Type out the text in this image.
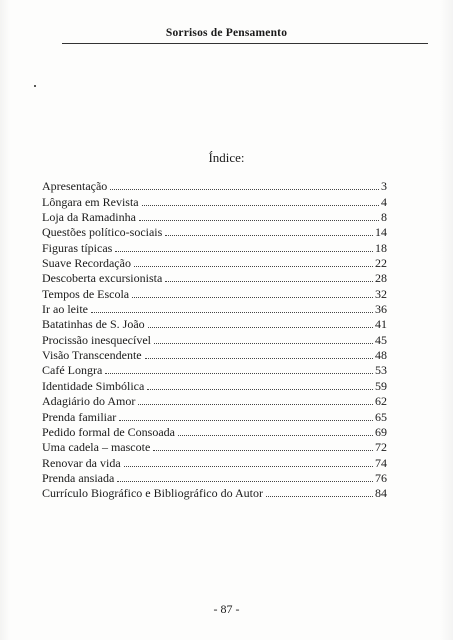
Sorrisos de Pensamento
Índice:
Apresentação	3
Lôngara em Revista	4
Loja da Ramadinha	8
Questões político-sociais	14
Figuras típicas	18
Suave Recordação	22
Descoberta excursionista	28
Tempos de Escola	32
Ir ao leite	36
Batatinhas de S. João	41
Procissão inesquecível	45
Visão Transcendente	48
Café Longra	53
Identidade Simbólica	59
Adagiário do Amor	62
Prenda familiar	65
Pedido formal de Consoada	69
Uma cadela – mascote	72
Renovar da vida	74
Prenda ansiada	76
Currículo Biográfico e Bibliográfico do Autor	84
- 87 -
